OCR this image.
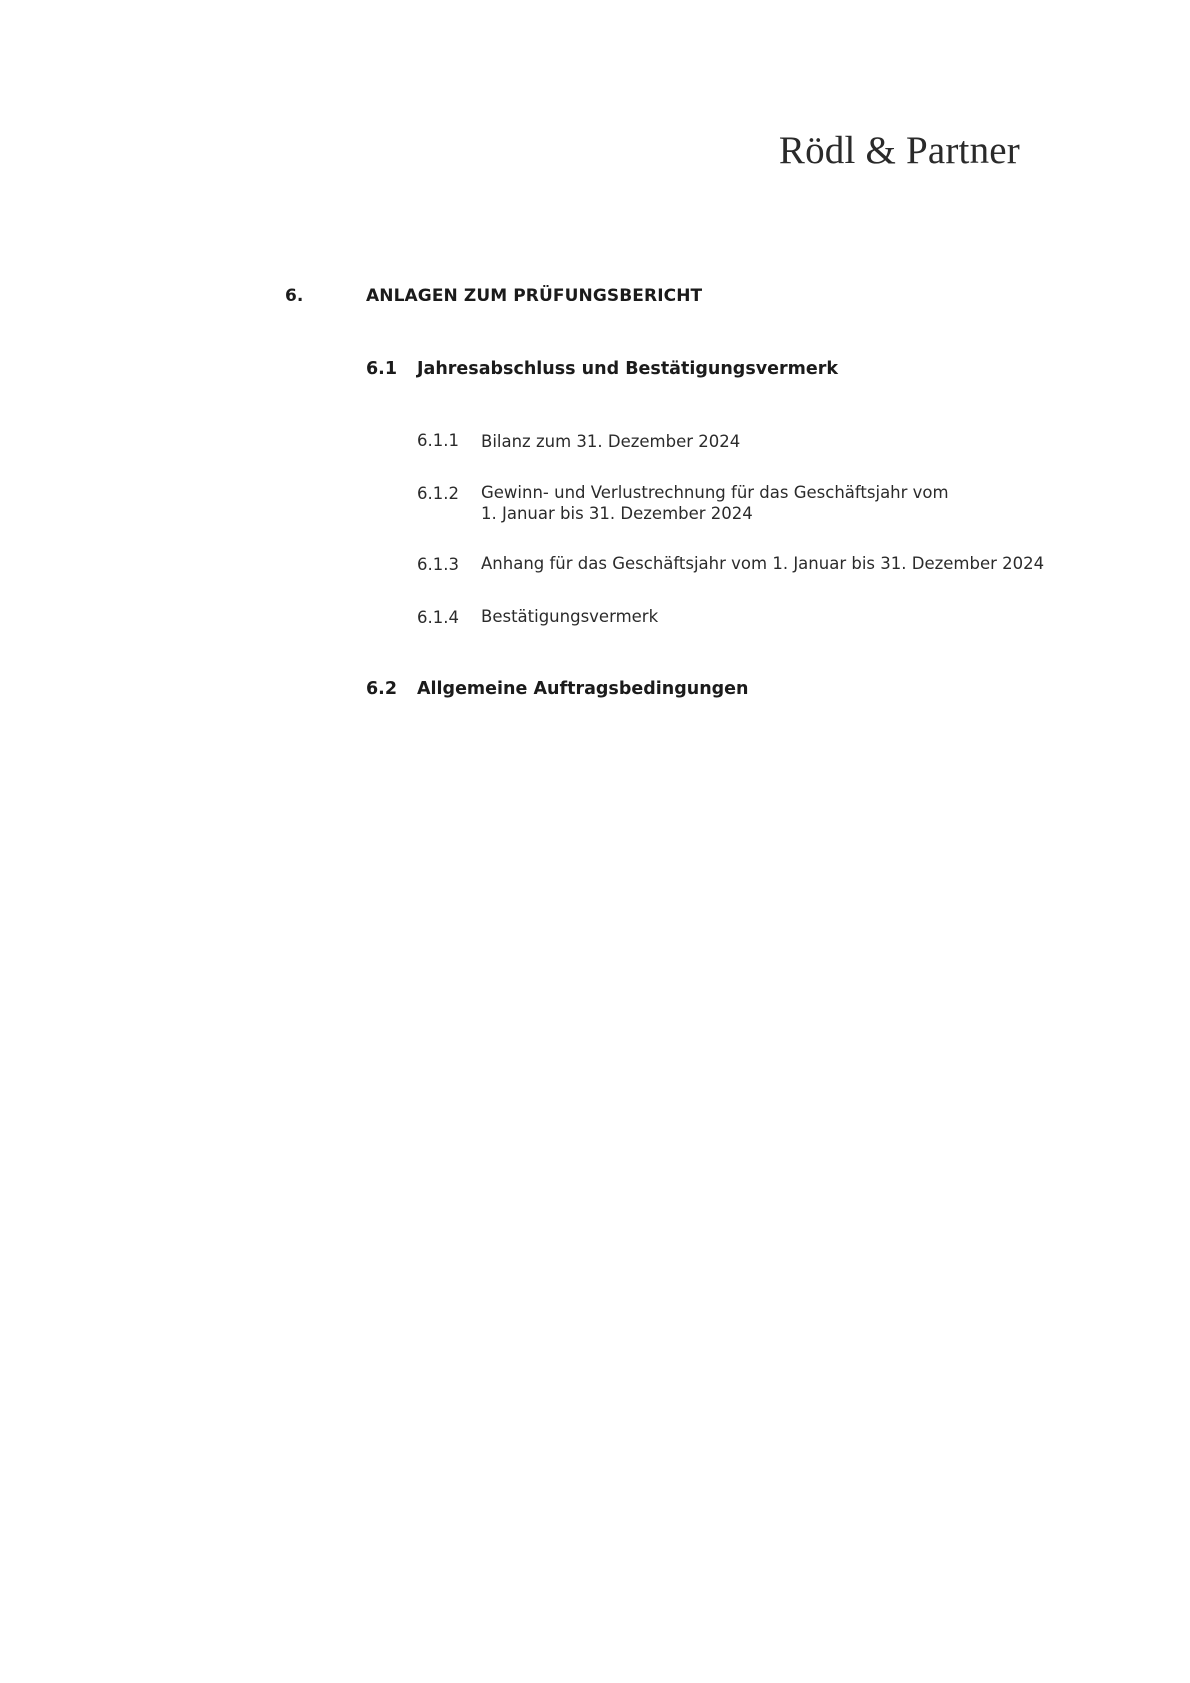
Rödl & Partner
6.	ANLAGEN ZUM PRÜFUNGSBERICHT
6.1 Jahresabschluss und Bestätigungsvermerk
6.1.1 Bilanz zum 31. Dezember 2024
6.1.2 Gewinn- und Verlustrechnung für das Geschäftsjahr vom
1. Januar bis 31. Dezember 2024
6.1.3 Anhang für das Geschäftsjahr vom 1. Januar bis 31. Dezember 2024
6.1.4 Bestätigungsvermerk
6.2 Allgemeine Auftragsbedingungen
